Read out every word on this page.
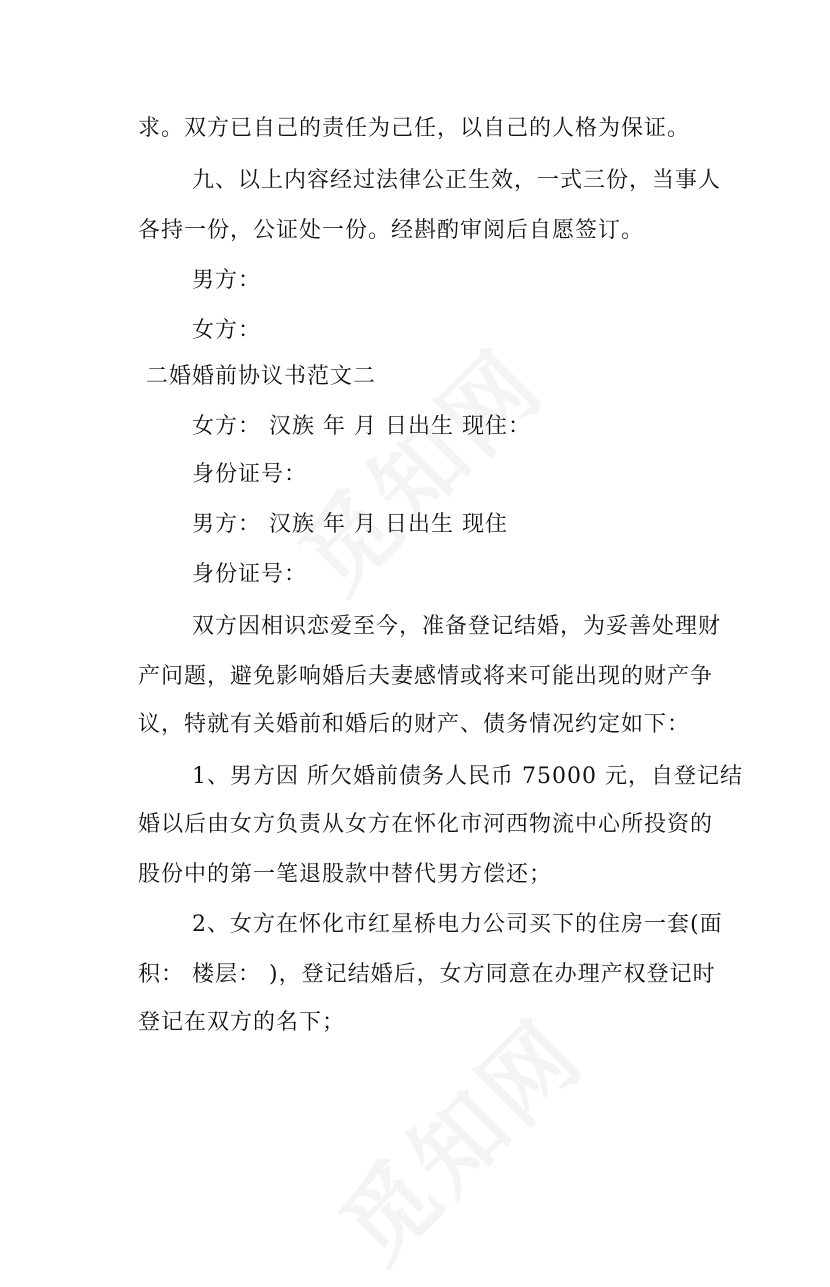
求。双方已自己的责任为己任，以自己的人格为保证。
九、以上内容经过法律公正生效，一式三份，当事人
各持一份，公证处一份。经斟酌审阅后自愿签订。
男方：
女方：
二婚婚前协议书范文二
女方： 汉族 年 月 日出生 现住：
身份证号：
男方： 汉族 年 月 日出生 现住
身份证号：
双方因相识恋爱至今，准备登记结婚，为妥善处理财
产问题，避免影响婚后夫妻感情或将来可能出现的财产争
议，特就有关婚前和婚后的财产、债务情况约定如下：
1、男方因 所欠婚前债务人民币 75000 元，自登记结
婚以后由女方负责从女方在怀化市河西物流中心所投资的
股份中的第一笔退股款中替代男方偿还；
2、女方在怀化市红星桥电力公司买下的住房一套(面
积： 楼层： )，登记结婚后，女方同意在办理产权登记时
登记在双方的名下；
